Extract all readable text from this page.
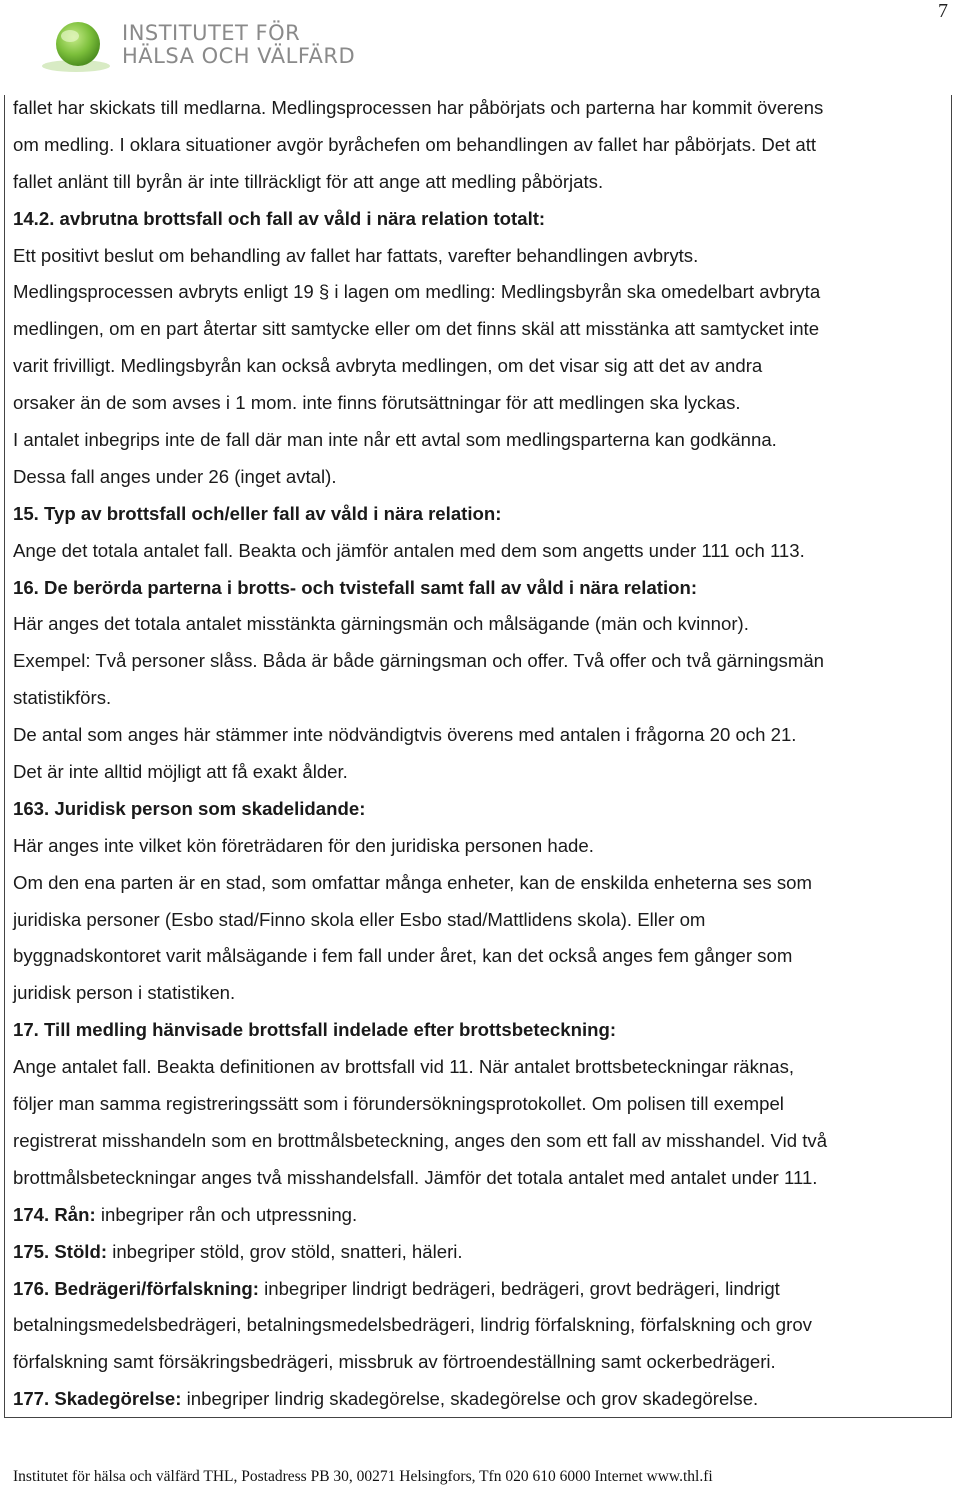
INSTITUTET FÖR
HÄLSA OCH VÄLFÄRD
7
fallet har skickats till medlarna. Medlingsprocessen har påbörjats och parterna har kommit överens
om medling. I oklara situationer avgör byråchefen om behandlingen av fallet har påbörjats. Det att
fallet anlänt till byrån är inte tillräckligt för att ange att medling påbörjats.
14.2. avbrutna brottsfall och fall av våld i nära relation totalt:
Ett positivt beslut om behandling av fallet har fattats, varefter behandlingen avbryts.
Medlingsprocessen avbryts enligt 19 § i lagen om medling: Medlingsbyrån ska omedelbart avbryta
medlingen, om en part återtar sitt samtycke eller om det finns skäl att misstänka att samtycket inte
varit frivilligt. Medlingsbyrån kan också avbryta medlingen, om det visar sig att det av andra
orsaker än de som avses i 1 mom. inte finns förutsättningar för att medlingen ska lyckas.
I antalet inbegrips inte de fall där man inte når ett avtal som medlingsparterna kan godkänna.
Dessa fall anges under 26 (inget avtal).
15. Typ av brottsfall och/eller fall av våld i nära relation:
Ange det totala antalet fall. Beakta och jämför antalen med dem som angetts under 111 och 113.
16. De berörda parterna i brotts- och tvistefall samt fall av våld i nära relation:
Här anges det totala antalet misstänkta gärningsmän och målsägande (män och kvinnor).
Exempel: Två personer slåss. Båda är både gärningsman och offer. Två offer och två gärningsmän
statistikförs.
De antal som anges här stämmer inte nödvändigtvis överens med antalen i frågorna 20 och 21.
Det är inte alltid möjligt att få exakt ålder.
163. Juridisk person som skadelidande:
Här anges inte vilket kön företrädaren för den juridiska personen hade.
Om den ena parten är en stad, som omfattar många enheter, kan de enskilda enheterna ses som
juridiska personer (Esbo stad/Finno skola eller Esbo stad/Mattlidens skola). Eller om
byggnadskontoret varit målsägande i fem fall under året, kan det också anges fem gånger som
juridisk person i statistiken.
17. Till medling hänvisade brottsfall indelade efter brottsbeteckning:
Ange antalet fall. Beakta definitionen av brottsfall vid 11. När antalet brottsbeteckningar räknas,
följer man samma registreringssätt som i förundersökningsprotokollet. Om polisen till exempel
registrerat misshandeln som en brottmålsbeteckning, anges den som ett fall av misshandel. Vid två
brottmålsbeteckningar anges två misshandelsfall. Jämför det totala antalet med antalet under 111.
174. Rån: inbegriper rån och utpressning.
175. Stöld: inbegriper stöld, grov stöld, snatteri, häleri.
176. Bedrägeri/förfalskning: inbegriper lindrigt bedrägeri, bedrägeri, grovt bedrägeri, lindrigt
betalningsmedelsbedrägeri, betalningsmedelsbedrägeri, lindrig förfalskning, förfalskning och grov
förfalskning samt försäkringsbedrägeri, missbruk av förtroendeställning samt ockerbedrägeri.
177. Skadegörelse: inbegriper lindrig skadegörelse, skadegörelse och grov skadegörelse.
Institutet för hälsa och välfärd THL, Postadress PB 30, 00271 Helsingfors, Tfn 020 610 6000 Internet www.thl.fi
